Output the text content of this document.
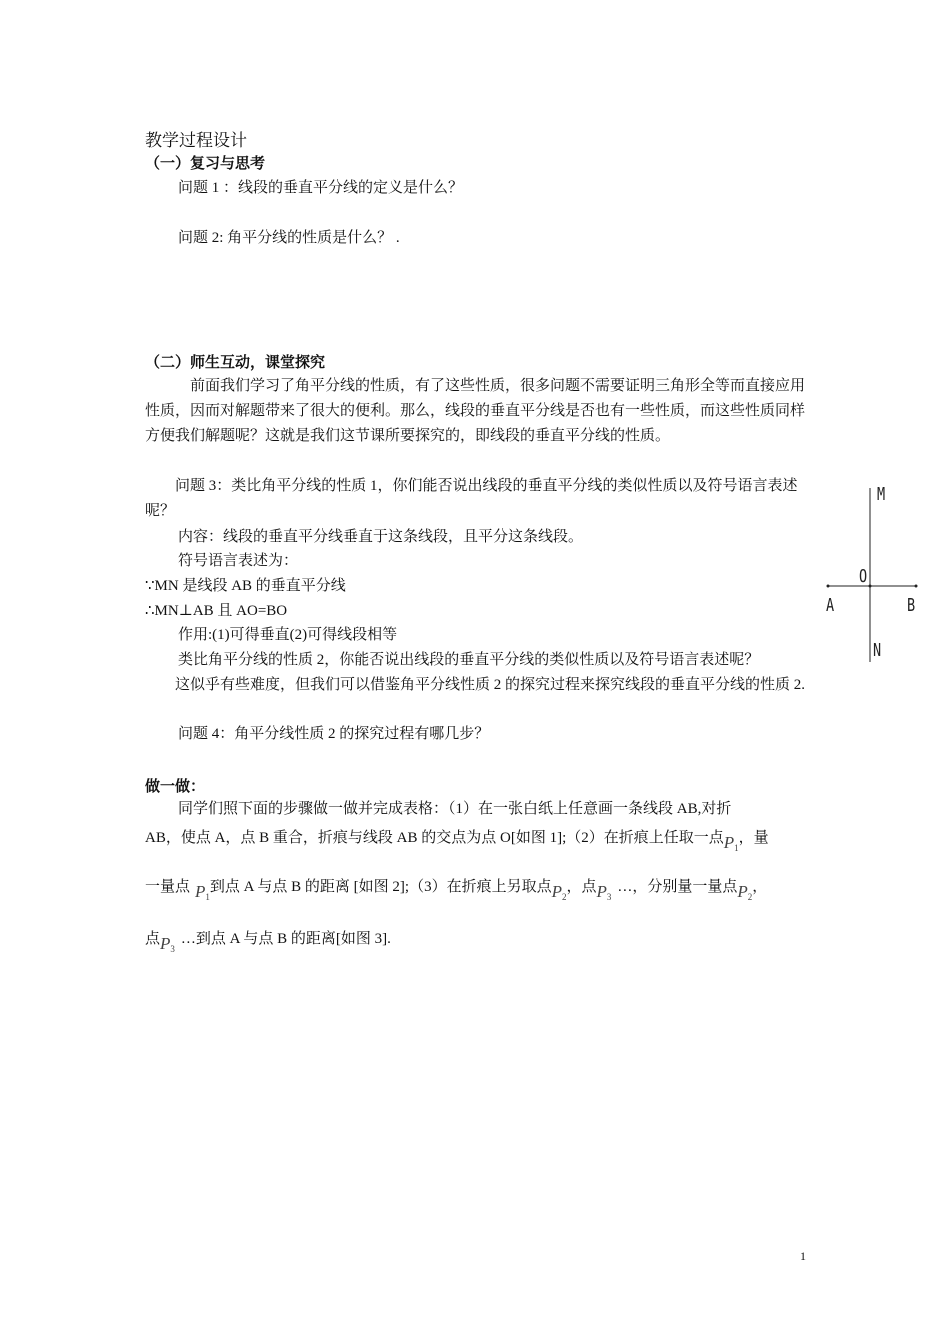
教学过程设计
（一）复习与思考
问题 1 ：线段的垂直平分线的定义是什么？
问题 2: 角平分线的性质是什么？ .
（二）师生互动，课堂探究
前面我们学习了角平分线的性质，有了这些性质，很多问题不需要证明三角形全等而直接应用性质，因而对解题带来了很大的便利。那么，线段的垂直平分线是否也有一些性质，而这些性质同样方便我们解题呢？这就是我们这节课所要探究的，即线段的垂直平分线的性质。
问题 3：类比角平分线的性质 1，你们能否说出线段的垂直平分线的类似性质以及符号语言表述呢？
内容：线段的垂直平分线垂直于这条线段，且平分这条线段。
符号语言表述为：
∵MN 是线段 AB 的垂直平分线
∴MN⊥AB 且 AO=BO
作用:(1)可得垂直(2)可得线段相等
类比角平分线的性质 2，你能否说出线段的垂直平分线的类似性质以及符号语言表述呢？
这似乎有些难度，但我们可以借鉴角平分线性质 2 的探究过程来探究线段的垂直平分线的性质 2.
问题 4：角平分线性质 2 的探究过程有哪几步？
M
O
A	B
N
做一做：
同学们照下面的步骤做一做并完成表格：（1）在一张白纸上任意画一条线段 AB,对折
AB，使点 A，点 B 重合，折痕与线段 AB 的交点为点 O[如图 1];（2）在折痕上任取一点$P_1$，量
一量点 $P_1$到点 A 与点 B 的距离 [如图 2];（3）在折痕上另取点$P_2$，点$P_3\dots$，分别量一量点$P_2$，
点$P_3\dots$到点 A 与点 B 的距离[如图 3].
1
